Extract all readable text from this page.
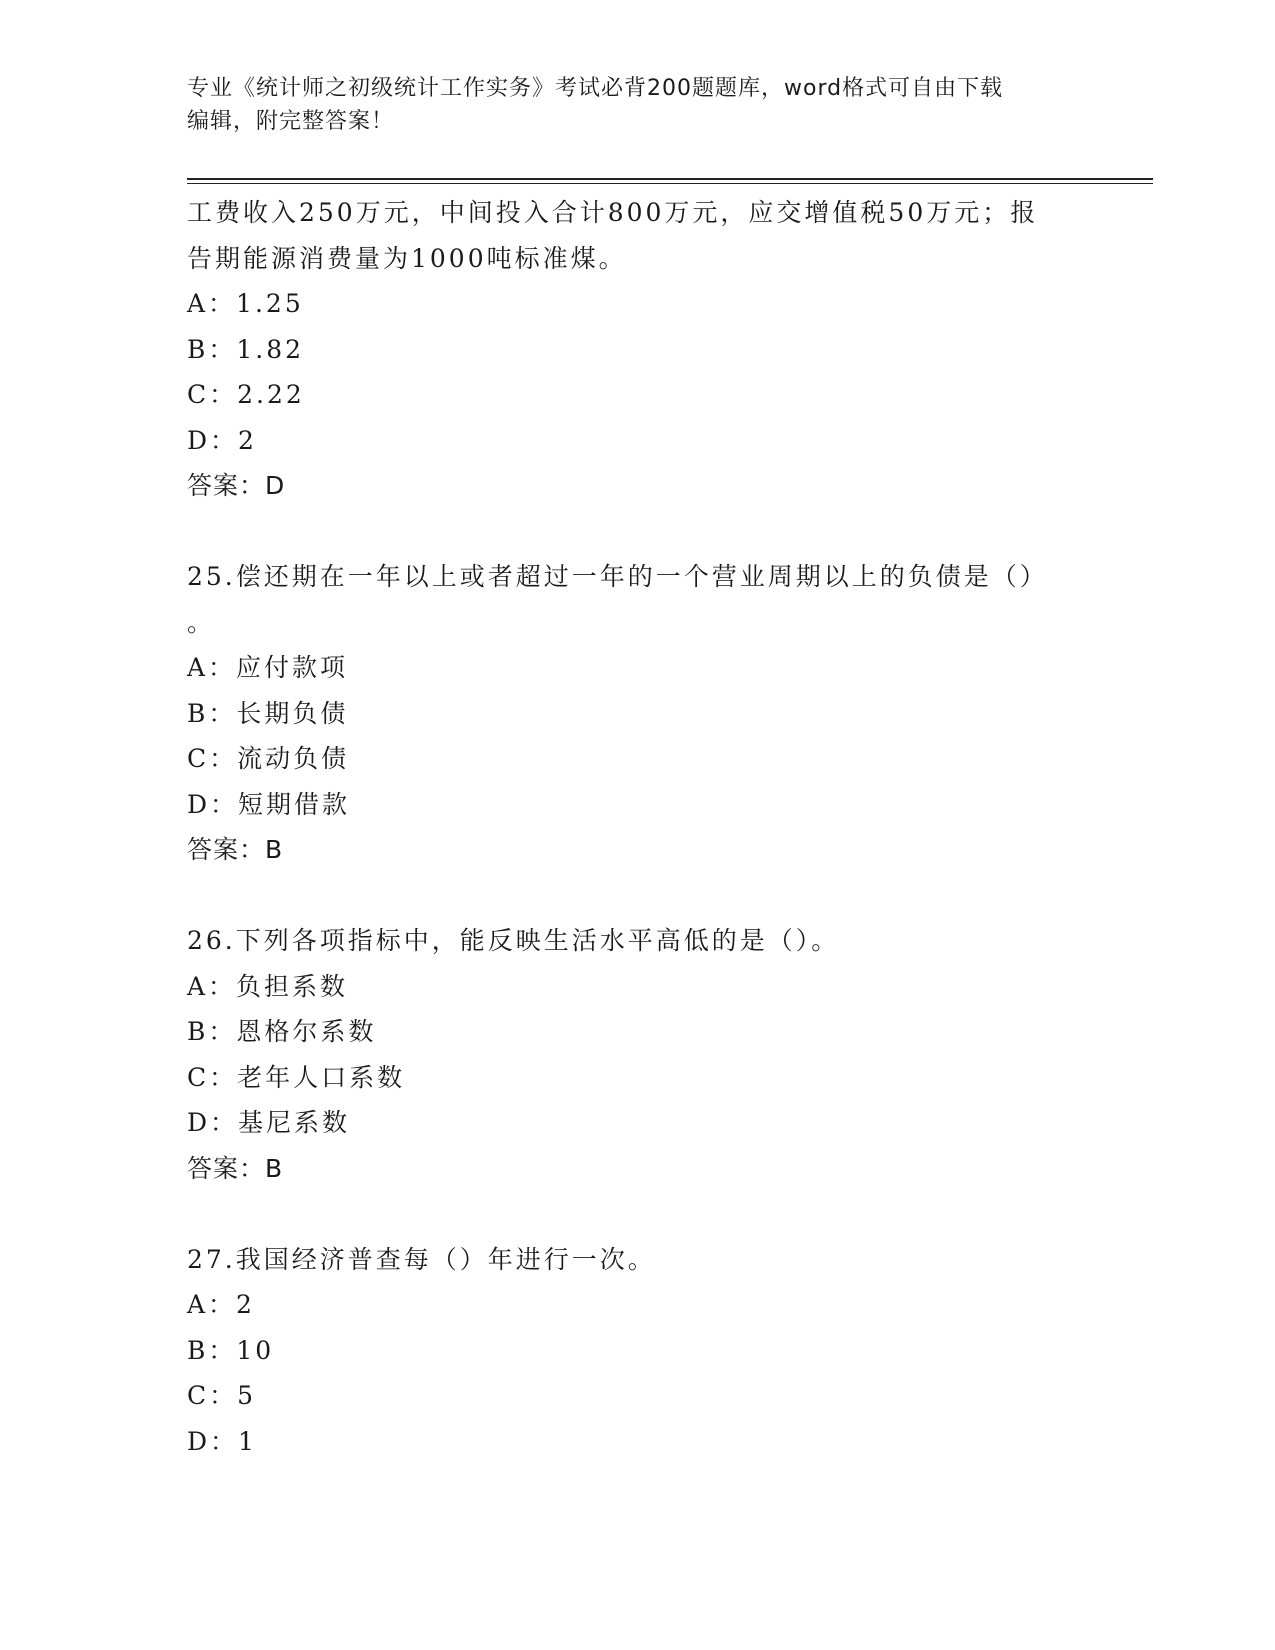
专业《统计师之初级统计工作实务》考试必背200题题库，word格式可自由下载
编辑，附完整答案！
工费收入250万元，中间投入合计800万元，应交增值税50万元；报
告期能源消费量为1000吨标准煤。
A：1.25
B：1.82
C：2.22
D：2
答案：D
25.偿还期在一年以上或者超过一年的一个营业周期以上的负债是（）
。
A：应付款项
B：长期负债
C：流动负债
D：短期借款
答案：B
26.下列各项指标中，能反映生活水平高低的是（）。
A：负担系数
B：恩格尔系数
C：老年人口系数
D：基尼系数
答案：B
27.我国经济普查每（）年进行一次。
A：2
B：10
C：5
D：1
